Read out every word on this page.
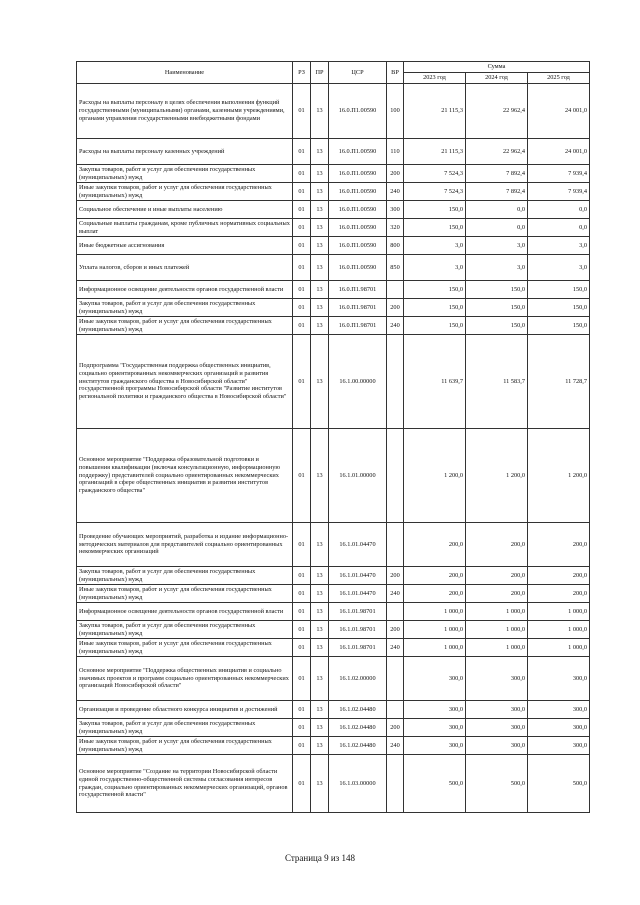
Наименование	РЗ	ПР	ЦСР	ВР	Сумма		
					2023 год	2024 год	2025 год
Расходы на выплаты персоналу в целях обеспечения выполнения функций государственными (муниципальными) органами, казенными учреждениями, органами управления государственными внебюджетными фондами	01	13	16.0.П1.00590	100	21 115,3	22 962,4	24 001,0
Расходы на выплаты персоналу казенных учреждений	01	13	16.0.П1.00590	110	21 115,3	22 962,4	24 001,0
Закупка товаров, работ и услуг для обеспечения государственных (муниципальных) нужд	01	13	16.0.П1.00590	200	7 524,3	7 892,4	7 939,4
Иные закупки товаров, работ и услуг для обеспечения государственных (муниципальных) нужд	01	13	16.0.П1.00590	240	7 524,3	7 892,4	7 939,4
Социальное обеспечение и иные выплаты населению	01	13	16.0.П1.00590	300	150,0	0,0	0,0
Социальные выплаты гражданам, кроме публичных нормативных социальных выплат	01	13	16.0.П1.00590	320	150,0	0,0	0,0
Иные бюджетные ассигнования	01	13	16.0.П1.00590	800	3,0	3,0	3,0
Уплата налогов, сборов и иных платежей	01	13	16.0.П1.00590	850	3,0	3,0	3,0
Информационное освещение деятельности органов государственной власти	01	13	16.0.П1.98701		150,0	150,0	150,0
Закупка товаров, работ и услуг для обеспечения государственных (муниципальных) нужд	01	13	16.0.П1.98701	200	150,0	150,0	150,0
Иные закупки товаров, работ и услуг для обеспечения государственных (муниципальных) нужд	01	13	16.0.П1.98701	240	150,0	150,0	150,0
Подпрограмма "Государственная поддержка общественных инициатив, социально ориентированных некоммерческих организаций и развития институтов гражданского общества в Новосибирской области" государственной программы Новосибирской области "Развитие институтов региональной политики и гражданского общества в Новосибирской области"	01	13	16.1.00.00000		11 639,7	11 583,7	11 728,7
Основное мероприятие "Поддержка образовательной подготовки и повышения квалификации (включая консультационную, информационную поддержку) представителей социально ориентированных некоммерческих организаций в сфере общественных инициатив и развития институтов гражданского общества"	01	13	16.1.01.00000		1 200,0	1 200,0	1 200,0
Проведение обучающих мероприятий, разработка и издание информационно-методических материалов для представителей социально ориентированных некоммерческих организаций	01	13	16.1.01.04470		200,0	200,0	200,0
Закупка товаров, работ и услуг для обеспечения государственных (муниципальных) нужд	01	13	16.1.01.04470	200	200,0	200,0	200,0
Иные закупки товаров, работ и услуг для обеспечения государственных (муниципальных) нужд	01	13	16.1.01.04470	240	200,0	200,0	200,0
Информационное освещение деятельности органов государственной власти	01	13	16.1.01.98701		1 000,0	1 000,0	1 000,0
Закупка товаров, работ и услуг для обеспечения государственных (муниципальных) нужд	01	13	16.1.01.98701	200	1 000,0	1 000,0	1 000,0
Иные закупки товаров, работ и услуг для обеспечения государственных (муниципальных) нужд	01	13	16.1.01.98701	240	1 000,0	1 000,0	1 000,0
Основное мероприятие "Поддержка общественных инициатив и социально значимых проектов и программ социально ориентированных некоммерческих организаций Новосибирской области"	01	13	16.1.02.00000		300,0	300,0	300,0
Организация и проведение областного конкурса инициатив и достижений	01	13	16.1.02.04480		300,0	300,0	300,0
Закупка товаров, работ и услуг для обеспечения государственных (муниципальных) нужд	01	13	16.1.02.04480	200	300,0	300,0	300,0
Иные закупки товаров, работ и услуг для обеспечения государственных (муниципальных) нужд	01	13	16.1.02.04480	240	300,0	300,0	300,0
Основное мероприятие "Создание на территории Новосибирской области единой государственно-общественной системы согласования интересов граждан, социально ориентированных некоммерческих организаций, органов государственной власти"	01	13	16.1.03.00000		500,0	500,0	500,0
Страница 9 из 148
